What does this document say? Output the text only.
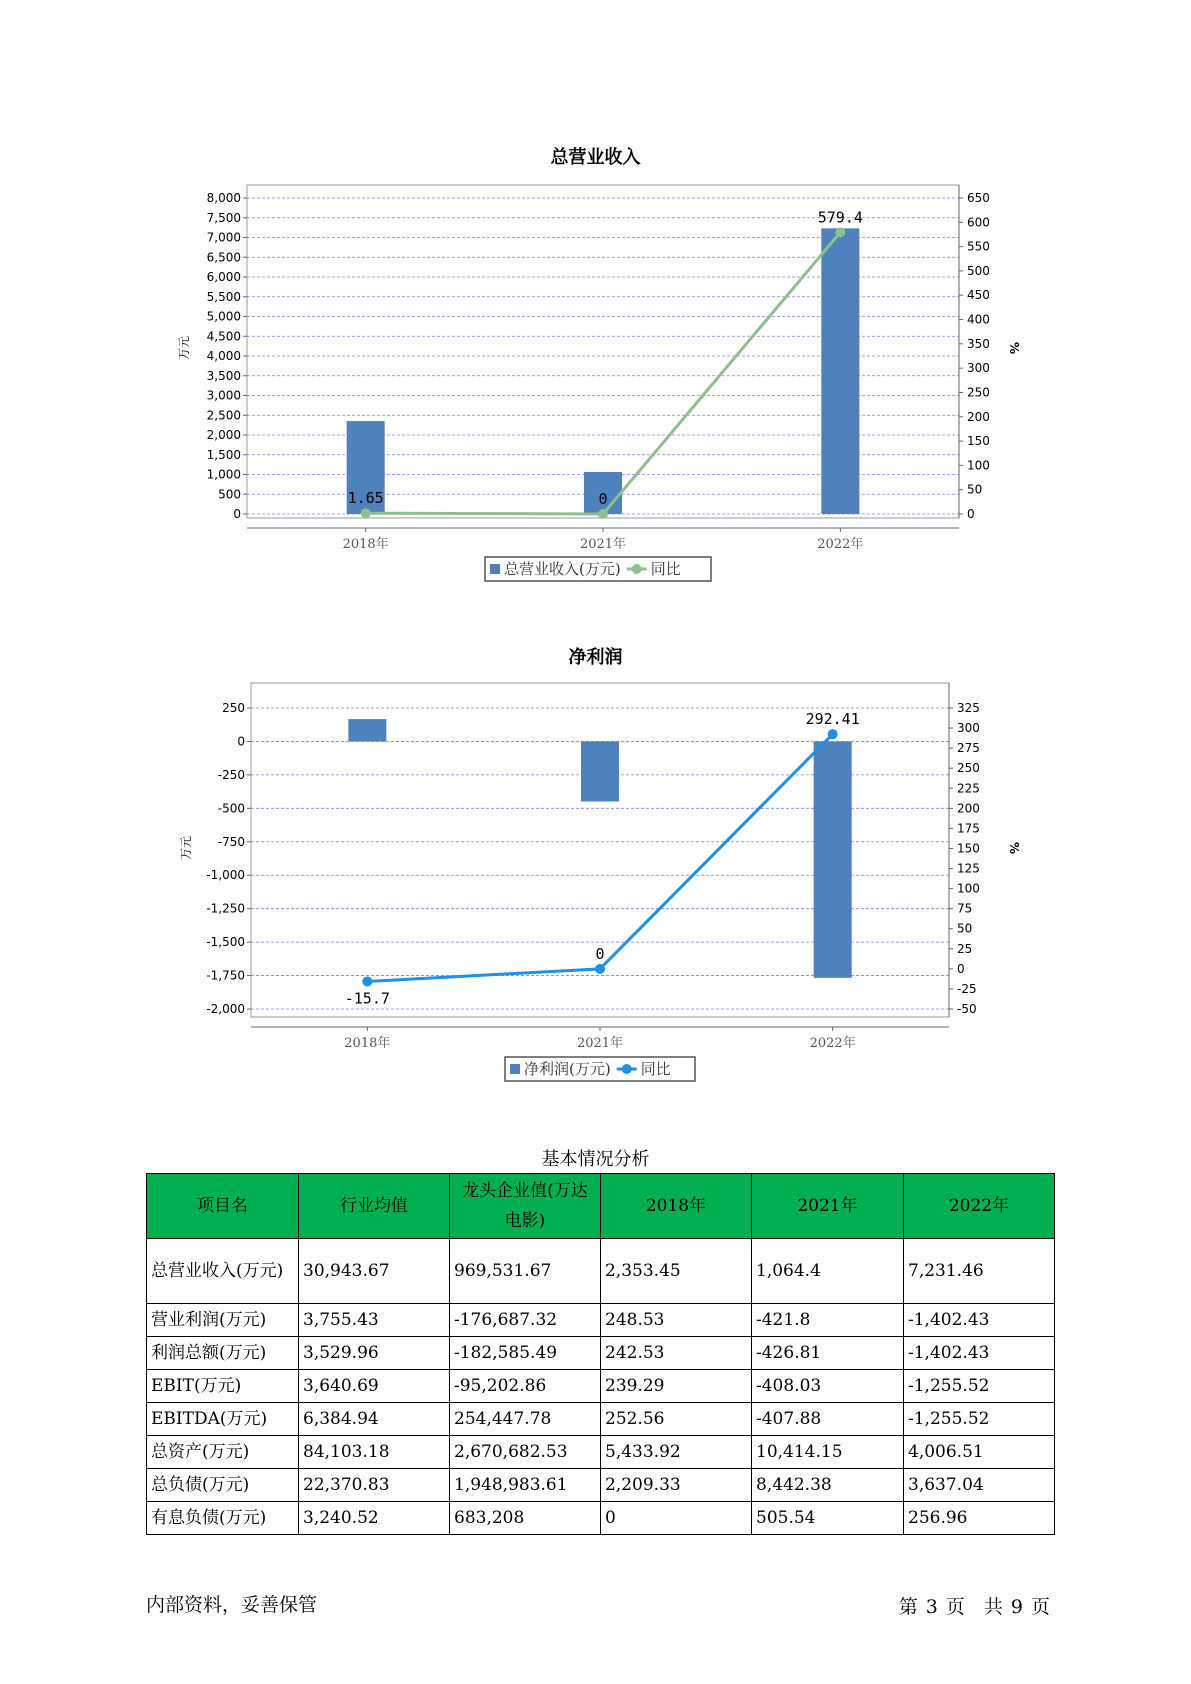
总营业收入
0
500
1,000
1,500
2,000
2,500
3,000
3,500
4,000
4,500
5,000
5,500
6,000
6,500
7,000
7,500
8,000
0
50
100
150
200
250
300
350
400
450
500
550
600
650
万元	%
2018年	2021年	2022年
1.65	0
579.4
总营业收入(万元) 同比
净利润
-2,000
-1,750
-1,500
-1,250
-1,000
-750
-500
-250
0
250
-50
-25
0
25
50
75
100
125
150
175
200
225
250
275
300
325
万元	%
2018年	2021年	2022年
-15.7
0
292.41
净利润(万元) 同比
基本情况分析
项目名	行业均值	龙头企业值(万达电影)	2018年	2021年	2022年
总营业收入(万元)	30,943.67	969,531.67	2,353.45	1,064.4	7,231.46
营业利润(万元)	3,755.43	-176,687.32	248.53	-421.8	-1,402.43
利润总额(万元)	3,529.96	-182,585.49	242.53	-426.81	-1,402.43
EBIT(万元)	3,640.69	-95,202.86	239.29	-408.03	-1,255.52
EBITDA(万元)	6,384.94	254,447.78	252.56	-407.88	-1,255.52
总资产(万元)	84,103.18	2,670,682.53	5,433.92	10,414.15	4,006.51
总负债(万元)	22,370.83	1,948,983.61	2,209.33	8,442.38	3,637.04
有息负债(万元)	3,240.52	683,208	0	505.54	256.96
内部资料，妥善保管	第 3 页　共 9 页
